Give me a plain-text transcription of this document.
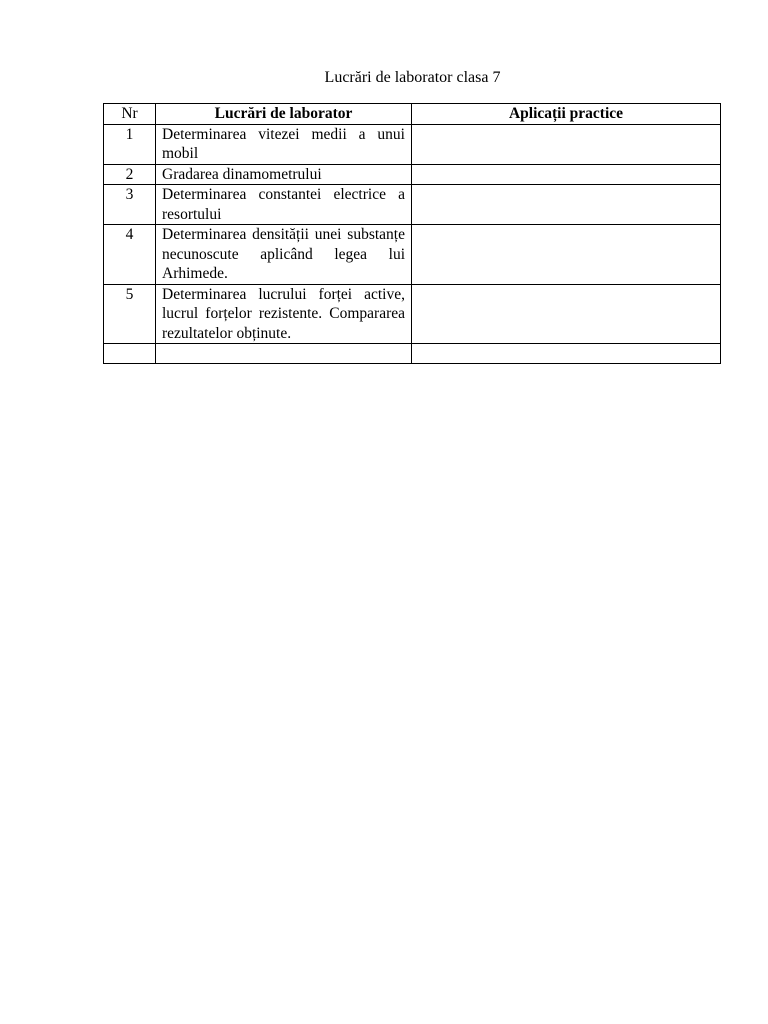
Lucrări de laborator clasa 7
Nr	Lucrări de laborator	Aplicații practice
1	Determinarea vitezei medii a unui mobil	
2	Gradarea dinamometrului	
3	Determinarea constantei electrice a resortului	
4	Determinarea densității unei substanțe necunoscute aplicând legea lui Arhimede.	
5	Determinarea lucrului forței active, lucrul forțelor rezistente. Compararea rezultatelor obținute.	
